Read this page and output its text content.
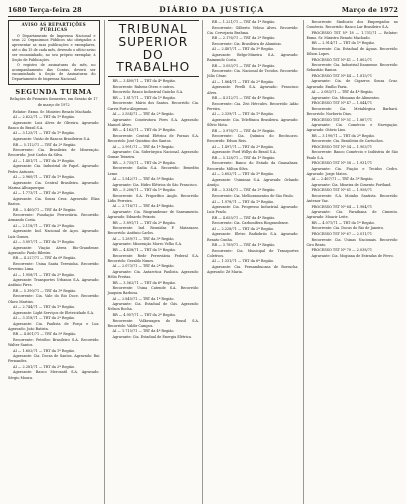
1680 Terça-feira 28	DIÁRIO DA JUSTIÇA	Março de 1972
AVISO ÀS REPARTIÇÕES PÚBLICAS

O Departamento de Imprensa Nacional e seus 22 Organismos Públicos são obrigados a apresentar as suas publicações e exemplares, até o dia 15 de cada mês, devendo o ofício-aviso ser encaminhado, no seu próprio exemplar, à Seção de Publicações.

O registro de assinaturas do mês, no acompanhamento das Contas, deverá ser encaminhado à Seção de Assinaturas do Departamento de Imprensa Nacional.

SEGUNDA TURMA
Relações do Primeiro Semestre, em Sessão de 17 de março de 1972

Relator: Exmo. Sr. Ministro Renato Machado.

AI — 2.622/71 — TRT da 1ª Região.

Agravante: Luiz Alves de Oliveira. Agravado: Banco do Brasil S.A.

AI — 3.125/71 — TRT da 1ª Região.

Agravante: União de Bancos Brasileiros S.A.

RR — 5.112/71 — TRT da 2ª Região.

Recorrente: Cia. Brasileira de Mineração. Recorrido: José Carlos da Silva.

AI — 1.401/71 — TRT da 3ª Região.

Agravante: Cia. Industrial de Papel. Agravado: Pedro Antunes.

AI — 2.960/71 — TRT da 1ª Região.

Agravante: Cia. Central Brasileira. Agravado: Marina Albuquerque.

AI — 1.773/71 — TRT da 2ª Região.

Agravante: Cia. Souza Cruz. Agravado: Elias Bastos.

RR — 3.460/71 — TRT da 4ª Região.

Recorrente: Fundação Ferroviária. Recorrido: Armando Costa.

AI — 2.118/71 — TRT da 2ª Região.

Agravante: Ind. Nacional de Aços. Agravado: Luís Gomes.

AI — 3.007/71 — TRT da 1ª Região.

Agravante: Viação Aérea Rio-Grandense. Agravado: Paulo Ribeiro.

RR — 4.227/71 — TRT da 6ª Região.

Recorrente: Usina Santa Teresinha. Recorrido: Severino Lima.

AI — 1.958/71 — TRT da 2ª Região.

Agravante: Transportes Urbanos S.A. Agravado: Antônio Pires.

RR — 5.390/71 — TRT da 3ª Região.

Recorrente: Cia. Vale do Rio Doce. Recorrido: Olavo Martins.

AI — 2.744/71 — TRT da 1ª Região.

Agravante: Light Serviços de Eletricidade S.A.

AI — 3.318/71 — TRT da 2ª Região.

Agravante: Cia. Paulista de Força e Luz. Agravado: João Batista.

RR — 4.801/71 — TRT da 5ª Região.

Recorrente: Petróleo Brasileiro S.A. Recorrido: Walter Santos.

AI — 1.602/71 — TRT da 1ª Região.

Agravante: Cia. Docas de Santos. Agravado: Rui Fernandes.

AI — 2.281/71 — TRT da 2ª Região.

Agravante: Banco Mercantil S.A. Agravado: Sérgio Moura.

TRIBUNAL SUPERIOR DO TRABALHO

RR — 3.400/71 — TRT da 4ª Região.

Recorrente: Rubens Otero e outros.

Recorrido: Banco Industrial Gaúcho S.A.

RR — 1.817/71 — TRT da 1ª Região.

Recorrente: Mário dos Santos. Recorrido: Cia. Carris Porto-Alegrense.

AI — 2.554/71 — TRT da 2ª Região.

Agravante: Construtora Pires S.A. Agravado: Manoel Alves.

RR — 4.162/71 — TRT da 3ª Região.

Recorrente: Central Elétrica de Furnas S.A. Recorrido: José Quintino dos Santos.

AI — 2.991/71 — TRT da 1ª Região.

Agravante: Cia. Siderúrgica Nacional. Agravado: Osmar Teixeira.

RR — 3.735/71 — TRT da 2ª Região.

Recorrente: Sadia S.A. Recorrido: Benedito Leme.

AI — 1.542/71 — TRT da 5ª Região.

Agravante: Cia. Hidro Elétrica do São Francisco.

RR — 5.206/71 — TRT da 1ª Região.

Recorrente: S.A. Frigorífico Anglo. Recorrido: Lídio Ferreira.

AI — 2.716/71 — TRT da 4ª Região.

Agravante: Cia. Riograndense de Saneamento. Agravado: Eduardo Peixoto.

RR — 3.891/71 — TRT da 2ª Região.

Recorrente: Ind. Reunidas F. Matarazzo. Recorrido: Antônio Carlos.

AI — 1.289/71 — TRT da 3ª Região.

Agravante: Mineração Morro Velho S.A.

RR — 4.438/71 — TRT da 1ª Região.

Recorrente: Rede Ferroviária Federal S.A. Recorrido: Geraldo Nunes.

AI — 2.073/71 — TRT da 2ª Região.

Agravante: Cia. Antarctica Paulista. Agravado: Hélio Freitas.

RR — 3.562/71 — TRT da 6ª Região.

Recorrente: Usina Catende S.A. Recorrido: Joaquim Barbosa.

AI — 2.845/71 — TRT da 1ª Região.

Agravante: Cia. Estadual de Gás. Agravado: Nelson Rocha.

RR — 4.907/71 — TRT da 2ª Região.

Recorrente: Volkswagen do Brasil S.A. Recorrido: Valdir Campos.

AI — 1.715/71 — TRT da 4ª Região.

Agravante: Cia. Estadual de Energia Elétrica.

RR — 1.221/71 — TRT da 1ª Região.

Recorrente: Gilberto Veloso Alves. Recorrido: Cia. Cervejaria Brahma.

RR — 2.176/71 — TRT da 2ª Região.

Recorrente: Cia. Brasileira de Alumínio.

AI — 2.487/71 — TRT da 3ª Região.

Agravante: Belgo-Mineira S.A. Agravado: Raimundo Costa.

RR — 3.053/71 — TRT da 1ª Região.

Recorrente: Cia. Nacional de Tecidos. Recorrido: Júlio César.

AI — 1.864/71 — TRT da 2ª Região.

Agravante: Pirelli S.A. Agravado: Francisco Alves.

RR — 4.512/71 — TRT da 4ª Região.

Recorrente: Cia. Zivi Hércules. Recorrido: Adão Pereira.

AI — 2.339/71 — TRT da 1ª Região.

Agravante: Cia. Telefônica Brasileira. Agravado: Sílvio Mota.

RR — 3.976/71 — TRT da 5ª Região.

Recorrente: Cia. Química do Recôncavo. Recorrido: Edson Reis.

AI — 1.497/71 — TRT da 2ª Região.

Agravante: Ford Willys do Brasil S.A.

RR — 5.128/71 — TRT da 1ª Região.

Recorrente: Banco do Estado da Guanabara. Recorrido: Milton Silva.

AI — 2.602/71 — TRT da 3ª Região.

Agravante: Usiminas S.A. Agravado: Orlando Araújo.

RR — 3.334/71 — TRT da 2ª Região.

Recorrente: Cia. Melhoramentos de São Paulo.

AI — 1.978/71 — TRT da 1ª Região.

Agravante: Cia. Progresso Industrial. Agravado: Luiz Prado.

RR — 4.655/71 — TRT da 4ª Região.

Recorrente: Cia. Carbonífera Riograndense.

AI — 2.228/71 — TRT da 2ª Região.

Agravante: Eletro Radiobrás S.A. Agravado: Renato Cunha.

RR — 3.789/71 — TRT da 1ª Região.

Recorrente: Cia. Municipal de Transportes Coletivos.

AI — 1.331/71 — TRT da 6ª Região.

Agravante: Cia. Pernambucana de Borracha. Agravado: Zé Maria.

Recorrente: Sindicato dos Empregados no Comércio. Recorrido: Banco Lar Brasileiro S.A.

PROCESSO TST Nº 18 — 1.731/71 — Relator: Exmo. Sr. Ministro Renato Machado.

RR — 2.914/71 — TRT da 1ª Região.

Recorrente: Cia. Estadual de Águas. Recorrido: Dílson Lopes.

PROCESSO TST Nº 41 — 1.802/71

Recorrente: Cia. Industrial Itaunense. Recorrido: Sebastião Ramos.

PROCESSO TST Nº 44 — 1.815/71

Agravante: Cia. de Cigarros Souza Cruz. Agravado: Emílio Faria.

AI — 2.083/71 — TRT da 4ª Região.

Agravante: Cia. Minuano de Alimentos.

PROCESSO TST Nº 47 — 1.844/71

Recorrente: Cia. Metalúrgica Barbará. Recorrido: Norberto Dias.

PROCESSO TST Nº 51 — 1.867/71

Agravante: Cia. Comércio e Navegação. Agravado: Otávio Lins.

RR — 3.190/71 — TRT da 2ª Região.

Recorrente: Cia. Brasileira de Cartuchos.

PROCESSO TST Nº 54 — 1.903/71

Recorrente: Banco Comércio e Indústria de São Paulo S.A.

PROCESSO TST Nº 58 — 1.931/71

Agravante: Cia. Fiação e Tecidos Cedro. Agravado: Jorge Matos.

AI — 2.467/71 — TRT da 3ª Região.

Agravante: Cia. Mineira de Cimento Portland.

PROCESSO TST Nº 61 — 1.958/71

Recorrente: S.A. Moinho Santista. Recorrido: Antenor Vaz.

PROCESSO TST Nº 64 — 1.984/71

Agravante: Cia. Paraibana de Cimento. Agravado: Moacir Leite.

RR — 4.071/71 — TRT da 1ª Região.

Recorrente: Cia. Docas do Rio de Janeiro.

PROCESSO TST Nº 67 — 2.011/71

Recorrente: Cia. Usinas Nacionais. Recorrido: Ciro Bento.

PROCESSO TST Nº 70 — 2.038/71

Agravante: Cia. Mogiana de Estradas de Ferro.
